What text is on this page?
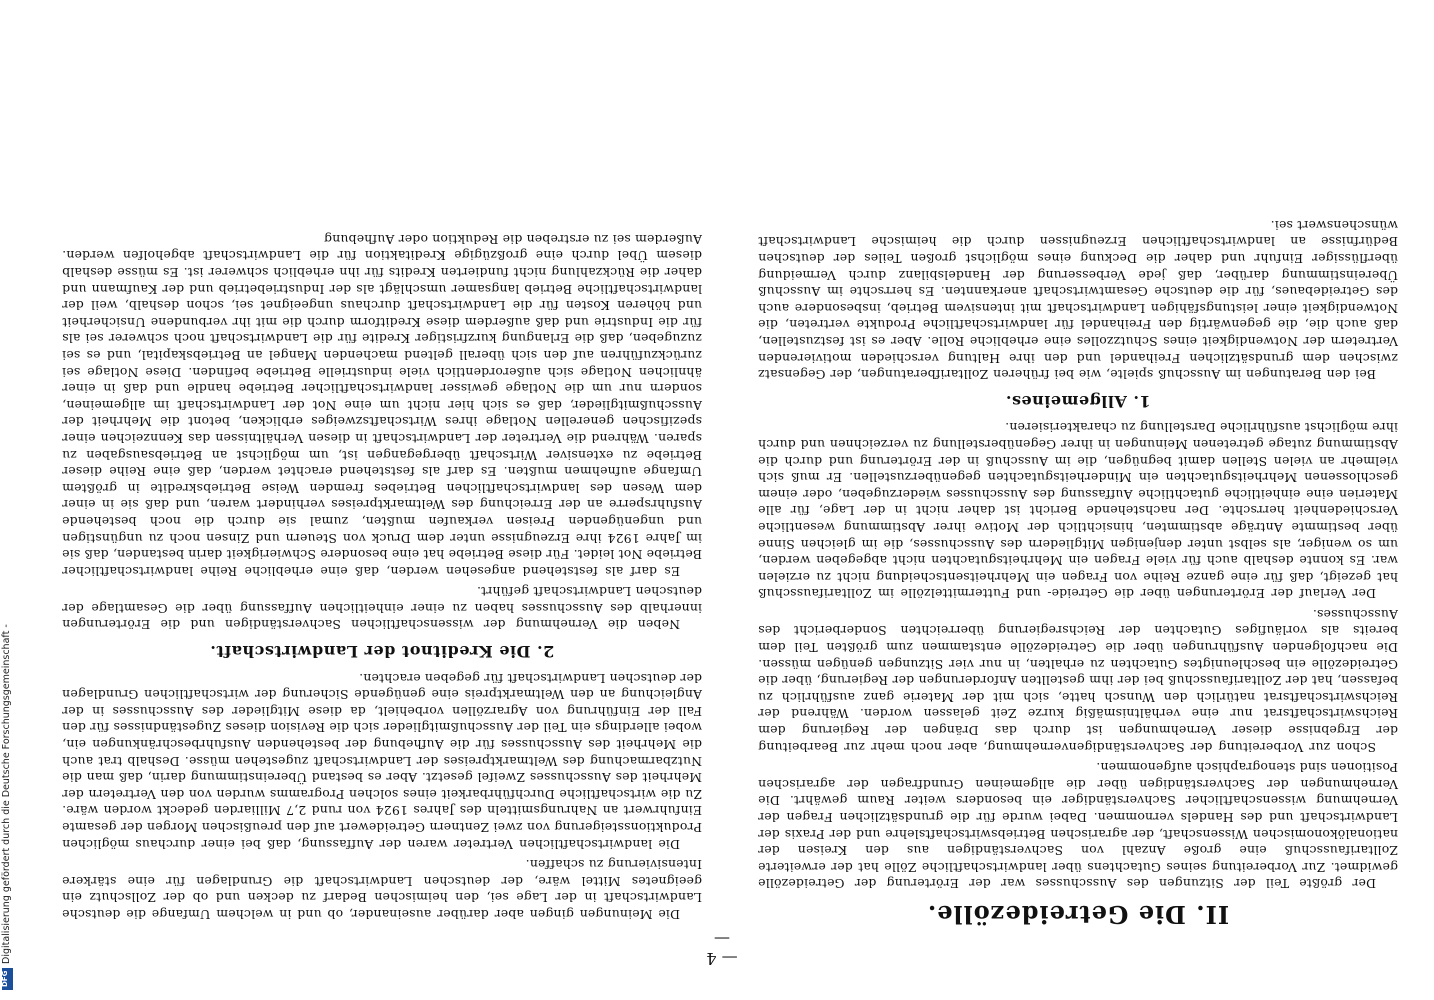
— 4 —
II. Die Getreidezölle.

Der größte Teil der Sitzungen des Ausschusses war der Erörterung der Getreidezölle gewidmet. Zur Vorbereitung seines Gutachtens über landwirtschaftliche Zölle hat der erweiterte Zolltarifausschuß eine große Anzahl von Sachverständigen aus den Kreisen der nationalökonomischen Wissenschaft, der agrarischen Betriebswirtschaftslehre und der Praxis der Landwirtschaft und des Handels vernommen. Dabei wurde für die grundsätzlichen Fragen der Vernehmung wissenschaftlicher Sachverständiger ein besonders weiter Raum gewährt. Die Vernehmungen der Sachverständigen über die allgemeinen Grundfragen der agrarischen Positionen sind stenographisch aufgenommen.

Schon zur Vorbereitung der Sachverständigenvernehmung, aber noch mehr zur Bearbeitung der Ergebnisse dieser Vernehmungen ist durch das Drängen der Regierung dem Reichswirtschaftsrat nur eine verhältnismäßig kurze Zeit gelassen worden. Während der Reichswirtschaftsrat natürlich den Wunsch hatte, sich mit der Materie ganz ausführlich zu befassen, hat der Zolltarifausschuß bei der ihm gestellten Anforderungen der Regierung, über die Getreidezölle ein beschleunigtes Gutachten zu erhalten, in nur vier Sitzungen genügen müssen. Die nachfolgenden Ausführungen über die Getreidezölle entstammen zum größten Teil dem bereits als vorläufiges Gutachten der Reichsregierung überreichten Sonderbericht des Ausschusses.

Der Verlauf der Erörterungen über die Getreide- und Futtermittelzölle im Zolltarifausschuß hat gezeigt, daß für eine ganze Reihe von Fragen ein Mehrheitsentscheidung nicht zu erzielen war. Es konnte deshalb auch für viele Fragen ein Mehrheitsgutachten nicht abgegeben werden, um so weniger, als selbst unter denjenigen Mitgliedern des Ausschusses, die im gleichen Sinne über bestimmte Anträge abstimmten, hinsichtlich der Motive ihrer Abstimmung wesentliche Verschiedenheit herrschte. Der nachstehende Bericht ist daher nicht in der Lage, für alle Materien eine einheitliche gutachtliche Auffassung des Ausschusses wiederzugeben, oder einem geschlossenen Mehrheitsgutachten ein Minderheitsgutachten gegenüberzustellen. Er muß sich vielmehr an vielen Stellen damit begnügen, die im Ausschuß in der Erörterung und durch die Abstimmung zutage getretenen Meinungen in ihrer Gegenüberstellung zu verzeichnen und durch ihre möglichst ausführliche Darstellung zu charakterisieren.

1. Allgemeines.

Bei den Beratungen im Ausschuß spielte, wie bei früheren Zolltarifberatungen, der Gegensatz zwischen dem grundsätzlichen Freihandel und den ihre Haltung verschieden motivierenden Vertretern der Notwendigkeit eines Schutzzolles eine erhebliche Rolle. Aber es ist festzustellen, daß auch die, die gegenwärtig den Freihandel für landwirtschaftliche Produkte vertreten, die Notwendigkeit einer leistungsfähigen Landwirtschaft mit intensivem Betrieb, insbesondere auch des Getreidebaues, für die deutsche Gesamtwirtschaft anerkannten. Es herrschte im Ausschuß Übereinstimmung darüber, daß jede Verbesserung der Handelsbilanz durch Vermeidung überflüssiger Einfuhr und daher die Deckung eines möglichst großen Teiles der deutschen Bedürfnisse an landwirtschaftlichen Erzeugnissen durch die heimische Landwirtschaft wünschenswert sei.

Die Meinungen gingen aber darüber auseinander, ob und in welchem Umfange die deutsche Landwirtschaft in der Lage sei, den heimischen Bedarf zu decken und ob der Zollschutz ein geeignetes Mittel wäre, der deutschen Landwirtschaft die Grundlagen für eine stärkere Intensivierung zu schaffen.

Die landwirtschaftlichen Vertreter waren der Auffassung, daß bei einer durchaus möglichen Produktionssteigerung von zwei Zentnern Getreidewert auf den preußischen Morgen der gesamte Einfuhrwert an Nahrungsmitteln des Jahres 1924 von rund 2,7 Milliarden gedeckt worden wäre. Zu die wirtschaftliche Durchführbarkeit eines solchen Programms wurden von den Vertretern der Mehrheit des Ausschusses Zweifel gesetzt. Aber es bestand Übereinstimmung darin, daß man die Nutzbarmachung des Weltmarktpreises der Landwirtschaft zugestehen müsse. Deshalb trat auch die Mehrheit des Ausschusses für die Aufhebung der bestehenden Ausfuhrbeschränkungen ein, wobei allerdings ein Teil der Ausschußmitglieder sich die Revision dieses Zugeständnisses für den Fall der Einführung von Agrarzöllen vorbehielt, da diese Mitglieder des Ausschusses in der Angleichung an den Weltmarktpreis eine genügende Sicherung der wirtschaftlichen Grundlagen der deutschen Landwirtschaft für gegeben erachten.

2. Die Kreditnot der Landwirtschaft.

Neben die Vernehmung der wissenschaftlichen Sachverständigen und die Erörterungen innerhalb des Ausschusses haben zu einer einheitlichen Auffassung über die Gesamtlage der deutschen Landwirtschaft geführt.

Es darf als feststehend angesehen werden, daß eine erhebliche Reihe landwirtschaftlicher Betriebe Not leidet. Für diese Betriebe hat eine besondere Schwierigkeit darin bestanden, daß sie im Jahre 1924 ihre Erzeugnisse unter dem Druck von Steuern und Zinsen noch zu ungünstigen und ungenügenden Preisen verkaufen mußten, zumal sie durch die noch bestehende Ausfuhrsperre an der Erreichung des Weltmarktpreises verhindert waren, und daß sie in einer dem Wesen des landwirtschaftlichen Betriebes fremden Weise Betriebskredite in größtem Umfange aufnehmen mußten. Es darf als feststehend erachtet werden, daß eine Reihe dieser Betriebe zu extensiver Wirtschaft übergegangen ist, um möglichst an Betriebsausgaben zu sparen. Während die Vertreter der Landwirtschaft in diesen Verhältnissen das Kennzeichen einer spezifischen generellen Notlage ihres Wirtschaftszweiges erblicken, betont die Mehrheit der Ausschußmitglieder, daß es sich hier nicht um eine Not der Landwirtschaft im allgemeinen, sondern nur um die Notlage gewisser landwirtschaftlicher Betriebe handle und daß in einer ähnlichen Notlage sich außerordentlich viele industrielle Betriebe befinden. Diese Notlage sei zurückzuführen auf den sich überall geltend machenden Mangel an Betriebskapital, und es sei zuzugeben, daß die Erlangung kurzfristiger Kredite für die Landwirtschaft noch schwerer sei als für die Industrie und daß außerdem diese Kreditform durch die mit ihr verbundene Unsicherheit und höheren Kosten für die Landwirtschaft durchaus ungeeignet sei, schon deshalb, weil der landwirtschaftliche Betrieb langsamer umschlägt als der Industriebetrieb und der Kaufmann und daher die Rückzahlung nicht fundierten Kredits für ihn erheblich schwerer ist. Es müsse deshalb diesem Übel durch eine großzügige Kreditaktion für die Landwirtschaft abgeholfen werden. Außerdem sei zu erstreben die Reduktion oder Aufhebung

Digitalisierung gefördert durch die Deutsche Forschungsgemeinschaft -
DFG
